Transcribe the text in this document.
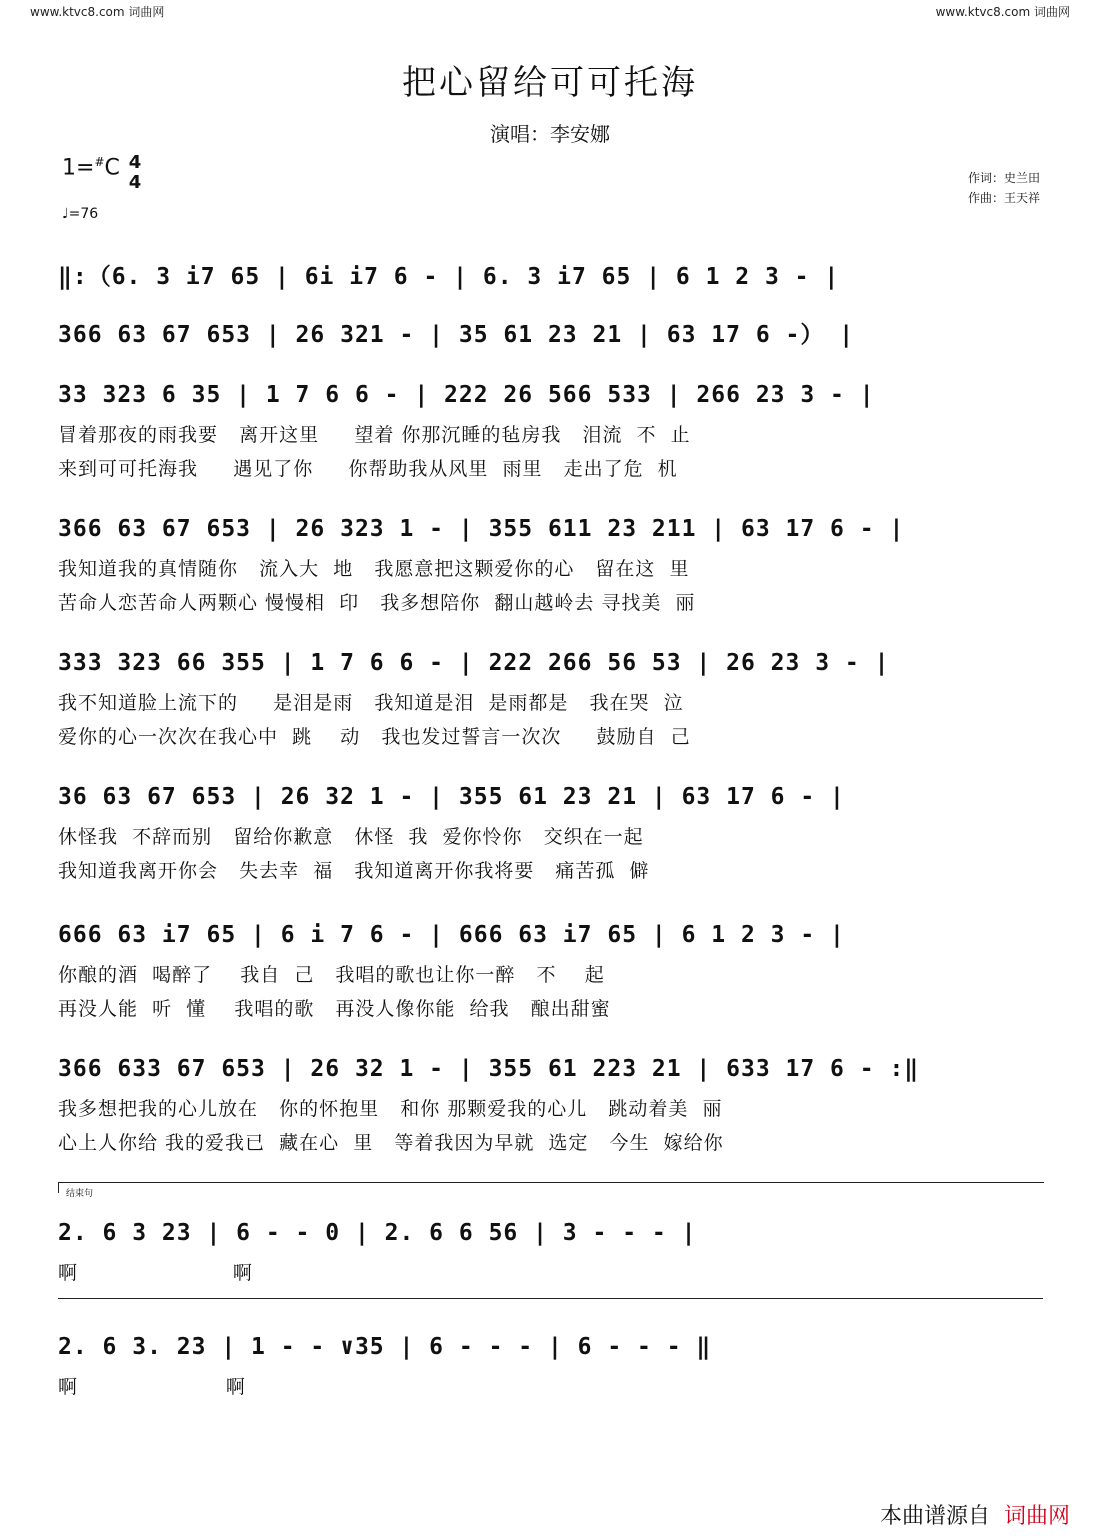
www.ktvc8.com 词曲网	www.ktvc8.com 词曲网
把心留给可可托海
演唱：李安娜
1=#C 4
4
♩=76
作词：史兰田
作曲：王天祥
‖:（6. 3 i7 65 | 6i i7 6 - | 6. 3 i7 65 | 6 1 2 3 - |
366 63 67 653 | 26 321 - | 35 61 23 21 | 63 17 6 -） |
33 323 6 35 | 1 7 6 6 - | 222 26 566 533 | 266 23 3 - |
冒着那夜的雨我要   离开这里     望着 你那沉睡的毡房我   泪流  不  止
来到可可托海我     遇见了你     你帮助我从风里  雨里   走出了危  机
366 63 67 653 | 26 323 1 - | 355 611 23 211 | 63 17 6 - |
我知道我的真情随你   流入大  地   我愿意把这颗爱你的心   留在这  里
苦命人恋苦命人两颗心 慢慢相  印   我多想陪你  翻山越岭去 寻找美  丽
333 323 66 355 | 1 7 6 6 - | 222 266 56 53 | 26 23 3 - |
我不知道脸上流下的     是泪是雨   我知道是泪  是雨都是   我在哭  泣
爱你的心一次次在我心中  跳    动   我也发过誓言一次次     鼓励自  己
36 63 67 653 | 26 32 1 - | 355 61 23 21 | 63 17 6 - |
休怪我  不辞而别   留给你歉意   休怪  我  爱你怜你   交织在一起
我知道我离开你会   失去幸  福   我知道离开你我将要   痛苦孤  僻
666 63 i7 65 | 6 i 7 6 - | 666 63 i7 65 | 6 1 2 3 - |
你酿的酒  喝醉了    我自  己   我唱的歌也让你一醉   不    起
再没人能  听  懂    我唱的歌   再没人像你能  给我   酿出甜蜜
366 633 67 653 | 26 32 1 - | 355 61 223 21 | 633 17 6 - :‖
我多想把我的心儿放在   你的怀抱里   和你 那颗爱我的心儿   跳动着美  丽
心上人你给 我的爱我已  藏在心  里   等着我因为早就  选定   今生  嫁给你
结束句
2. 6 3 23 | 6 - - 0 | 2. 6 6 56 | 3 - - - |
啊                      啊
2. 6 3. 23 | 1 - - ∨35 | 6 - - - | 6 - - - ‖
啊                     啊
本曲谱源自 词曲网
